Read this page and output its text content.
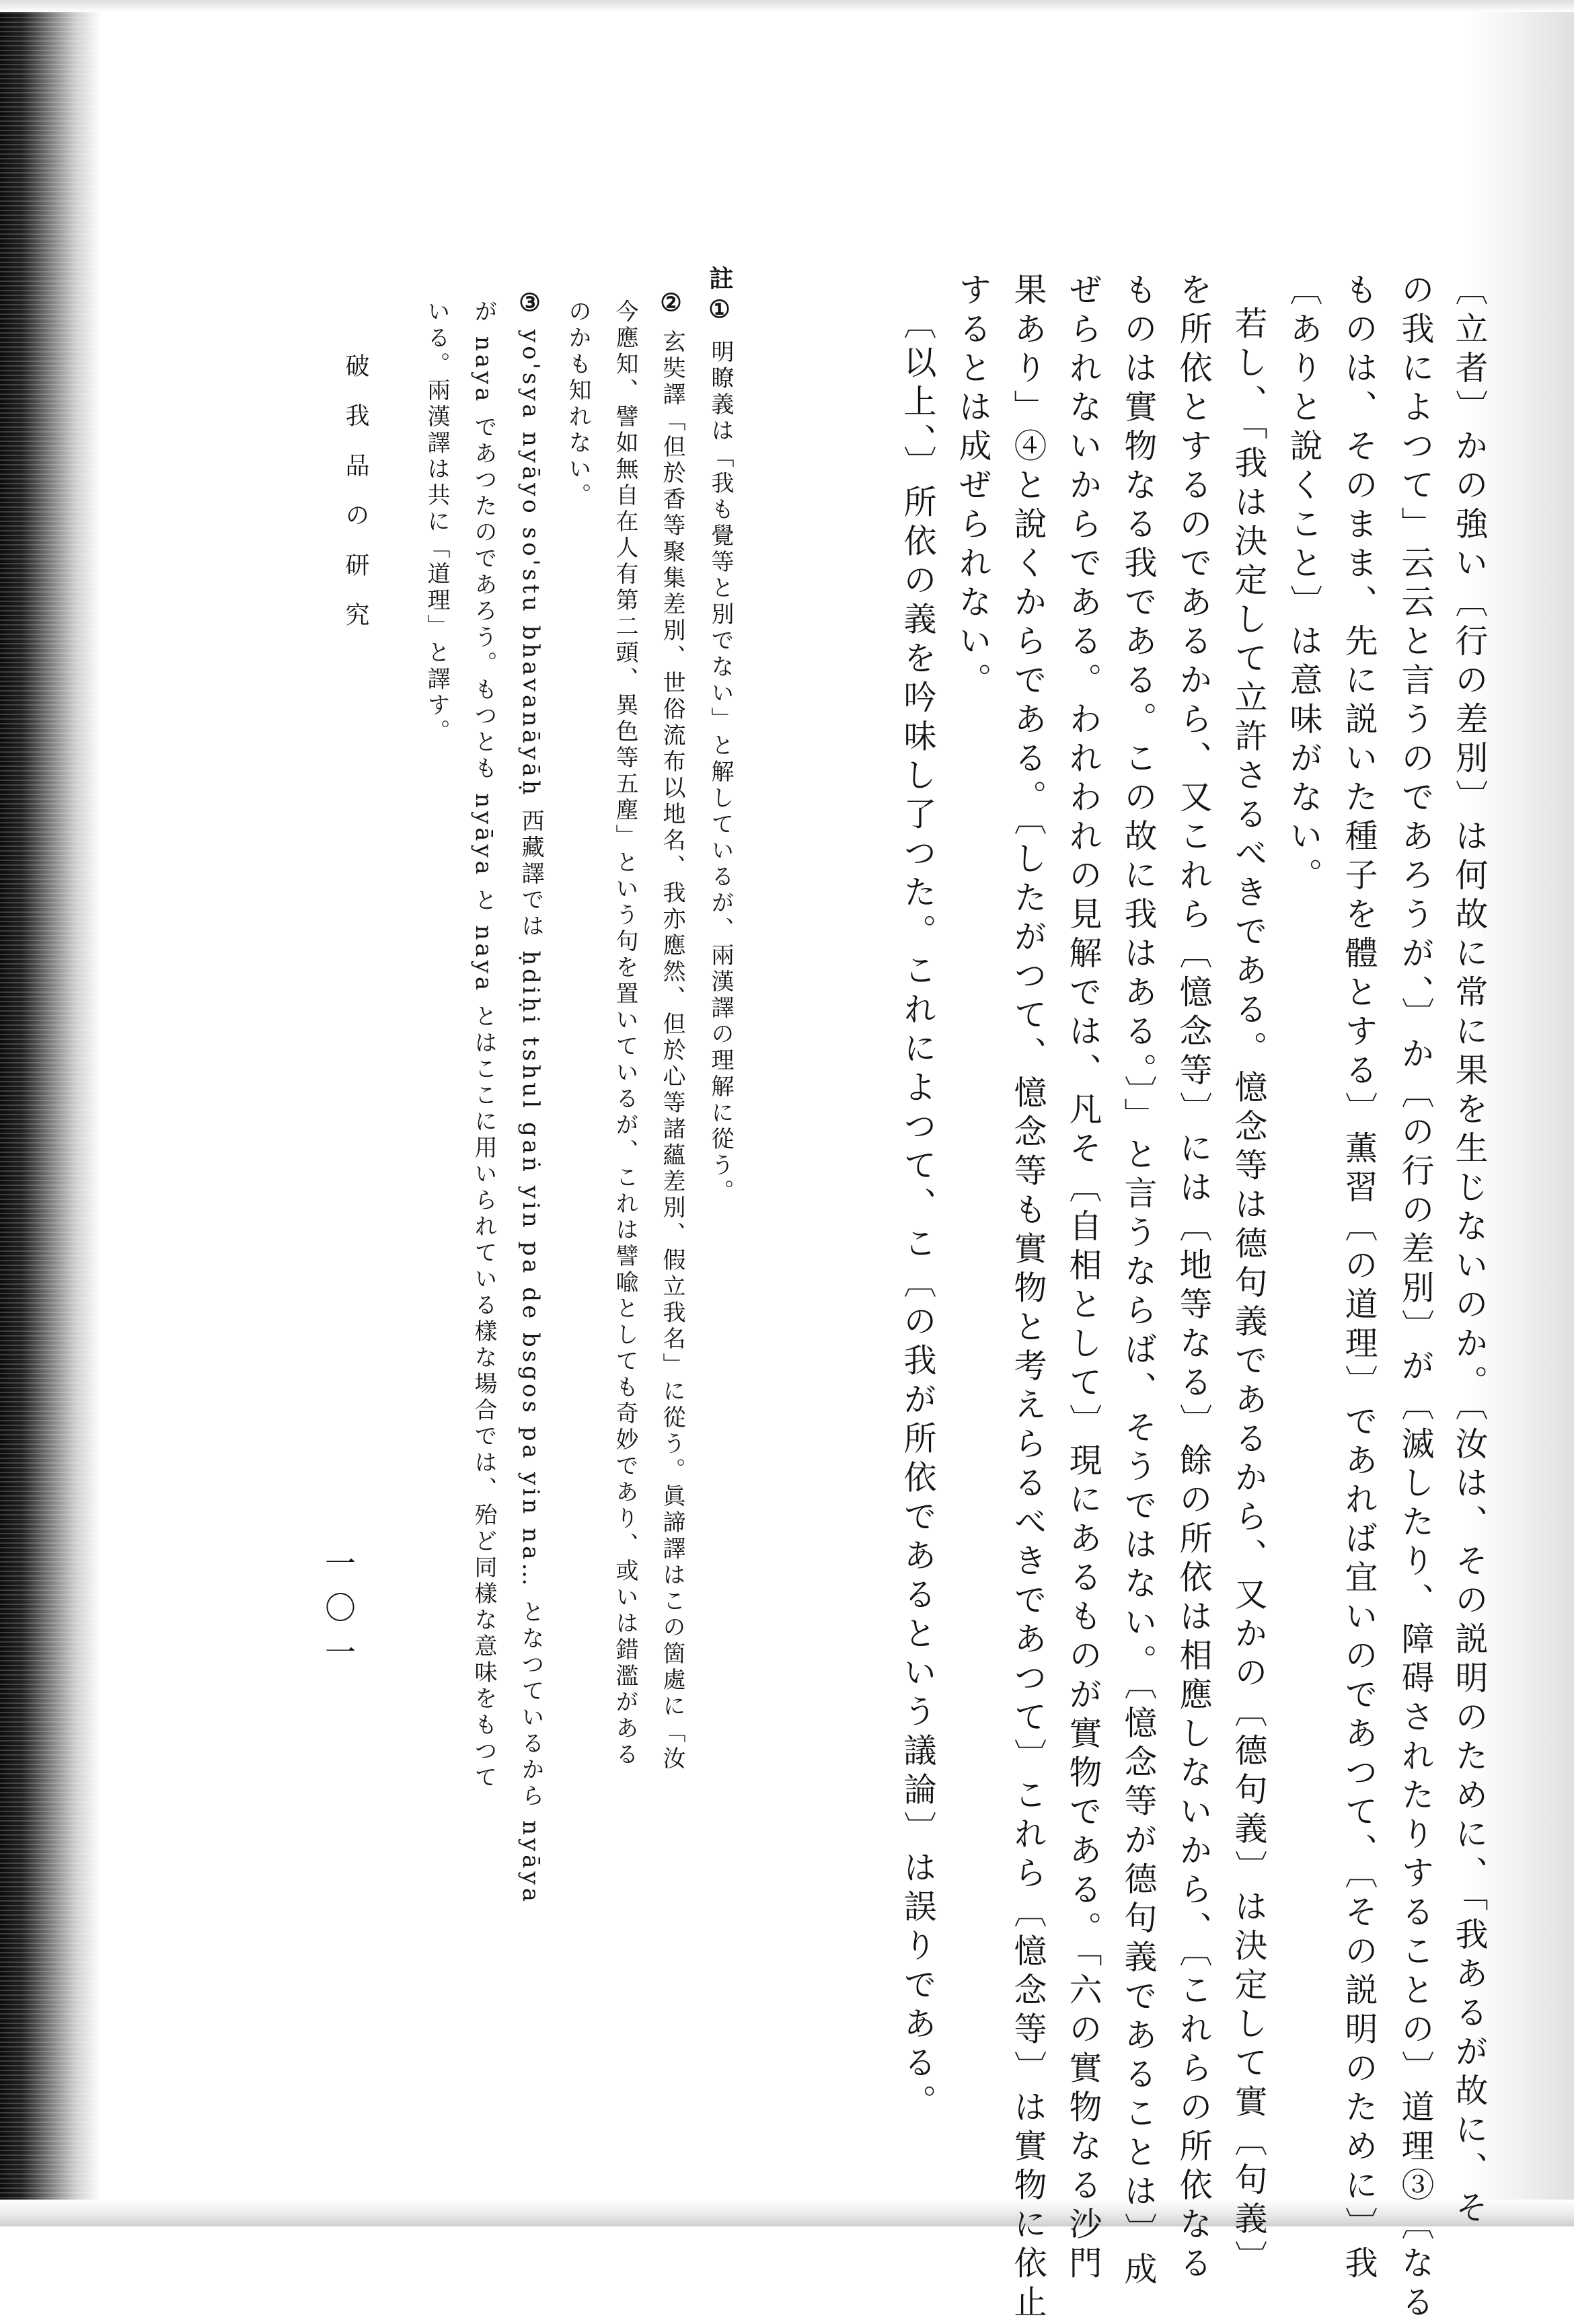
〔立者〕かの強い〔行の差別〕は何故に常に果を生じないのか。〔汝は、その説明のために、「我あるが故に、そ
の我によつて」云云と言うのであろうが、〕か〔の行の差別〕が〔滅したり、障碍されたりすることの〕道理③〔なる
ものは、そのまま、先に説いた種子を體とする〕薫習〔の道理〕であれば宜いのであつて、〔その説明のために〕我
〔ありと說くこと〕は意味がない。
若し、「我は決定して立許さるべきである。憶念等は德句義であるから、又かの〔德句義〕は決定して實〔句義〕
を所依とするのであるから、又これら〔憶念等〕には〔地等なる〕餘の所依は相應しないから、〔これらの所依なる
ものは實物なる我である。この故に我はある。〕」と言うならば、そうではない。〔憶念等が德句義であることは〕成
ぜられないからである。われわれの見解では、凡そ〔自相として〕現にあるものが實物である。「六の實物なる沙門
果あり」④と說くからである。〔したがつて、憶念等も實物と考えらるべきであつて〕これら〔憶念等〕は實物に依止
するとは成ぜられない。
〔以上、〕所依の義を吟味し了つた。これによつて、こ〔の我が所依であるという議論〕は誤りである。
註
①
明瞭義は「我も覺等と別でない」と解しているが、兩漢譯の理解に從う。
②
玄奘譯「但於香等聚集差別、世俗流布以地名、我亦應然、但於心等諸蘊差別、假立我名」に從う。眞諦譯はこの箇處に「汝
今應知、譬如無自在人有第二頭、異色等五塵」という句を置いているが、これは譬喩としても奇妙であり、或いは錯濫がある
のかも知れない。
③
yo'sya nyāyo so'stu bhavanāyāḥ 西藏譯では ḥdiḥi tshul gaṅ yin pa de bsgos pa yin na… となつているから nyāya
が naya であつたのであろう。もつとも nyāya と naya とはここに用いられている樣な場合では、殆ど同樣な意味をもつて
いる。兩漢譯は共に「道理」と譯す。
破我品の研究
一〇一
